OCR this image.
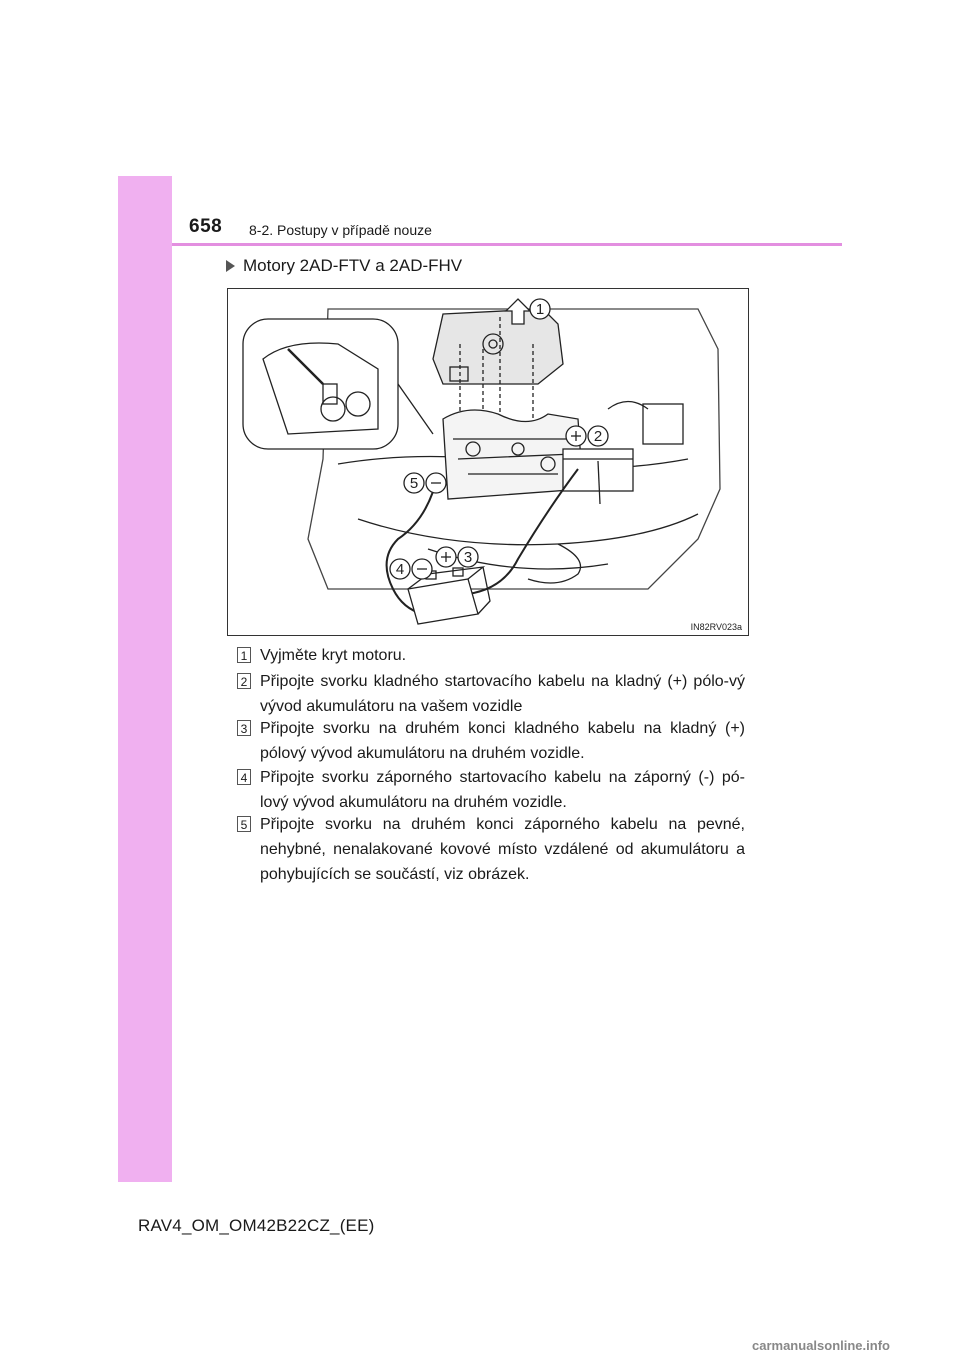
658 8-2. Postupy v případě nouze
Motory 2AD-FTV a 2AD-FHV
1
2
3
4
5
IN82RV023a
1 Vyjměte kryt motoru.
2 Připojte svorku kladného startovacího kabelu na kladný (+) pólo-vý vývod akumulátoru na vašem vozidle
3 Připojte svorku na druhém konci kladného kabelu na kladný (+) pólový vývod akumulátoru na druhém vozidle.
4 Připojte svorku záporného startovacího kabelu na záporný (-) pó-lový vývod akumulátoru na druhém vozidle.
5 Připojte svorku na druhém konci záporného kabelu na pevné, nehybné, nenalakované kovové místo vzdálené od akumulátoru a pohybujících se součástí, viz obrázek.
RAV4_OM_OM42B22CZ_(EE)
carmanualsonline.info
